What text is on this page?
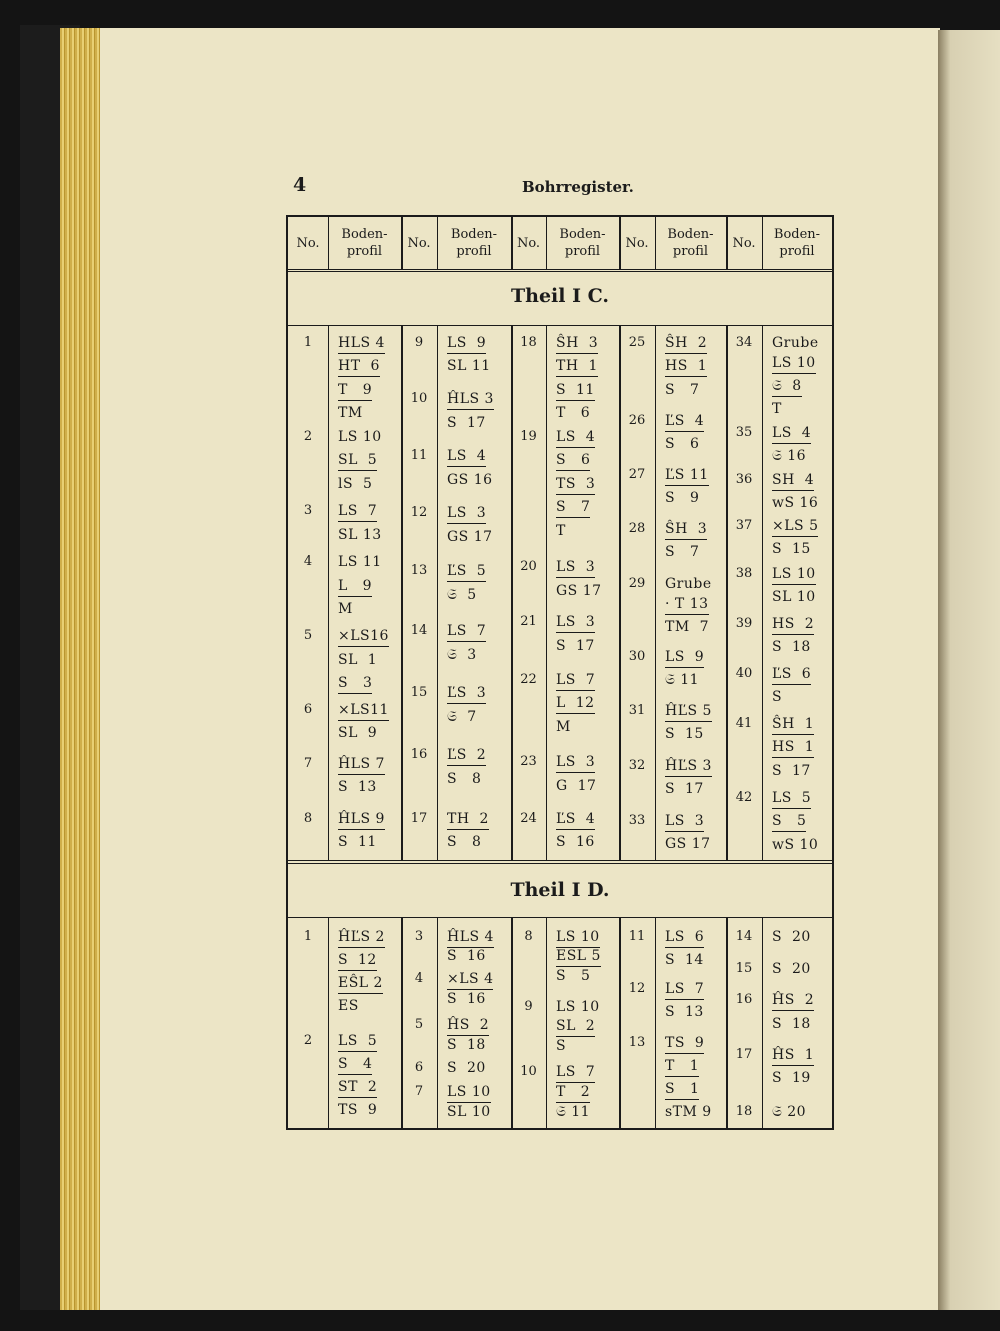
4	Bohrregister.
No.
Boden-
profil
No.
Boden-
profil
No.
Boden-
profil
No.
Boden-
profil
No.
Boden-
profil
Theil I C.
Theil I D.
1
2
3
4
5
6
7
8
HLS 4
HT  6
T   9
TM
LS 10
SL  5
lS  5
LS  7
SL 13
LS 11
L   9
M
×LS16
SL  1
S   3
×LS11
SL  9
ĤLS 7
S  13
ĤLS 9
S  11
9
10
11
12
13
14
15
16
17
LS  9
SL 11
ĤLS 3
S  17
LS  4
GS 16
LS  3
GS 17
ĽS  5
𝔖  5
LS  7
𝔖  3
ĽS  3
𝔖  7
ĽS  2
S   8
TH  2
S   8
18
19
20
21
22
23
24
ŜH  3
TH  1
S  11
T   6
LS  4
S   6
TS  3
S   7
T
LS  3
GS 17
LS  3
S  17
LS  7
L  12
M
LS  3
G  17
ĽS  4
S  16
25
26
27
28
29
30
31
32
33
ŜH  2
HS  1
S   7
ĽS  4
S   6
ĽS 11
S   9
ŜH  3
S   7
Grube
· T 13
TM  7
LS  9
𝔖 11
ĤĽS 5
S  15
ĤĽS 3
S  17
LS  3
GS 17
34
35
36
37
38
39
40
41
42
Grube
LS 10
𝔖  8
T
LS  4
𝔖 16
SH  4
wS 16
×LS 5
S  15
LS 10
SL 10
HS  2
S  18
ĽS  6
S
ŜH  1
HS  1
S  17
LS  5
S   5
wS 10
1
2
ĤĽS 2
S  12
EŜL 2
ES
LS  5
S   4
ST  2
TS  9
3
4
5
6
7
ĤLS 4
S  16
×LS 4
S  16
ĤS  2
S  18
S  20
LS 10
SL 10
8
9
10
LS 10
ESL 5
S   5
LS 10
SL  2
S
LS  7
T   2
𝔖 11
11
12
13
LS  6
S  14
LS  7
S  13
TS  9
T   1
S   1
sTM 9
14
15
16
17
18
S  20
S  20
ĤS  2
S  18
ĤS  1
S  19
𝔖 20
